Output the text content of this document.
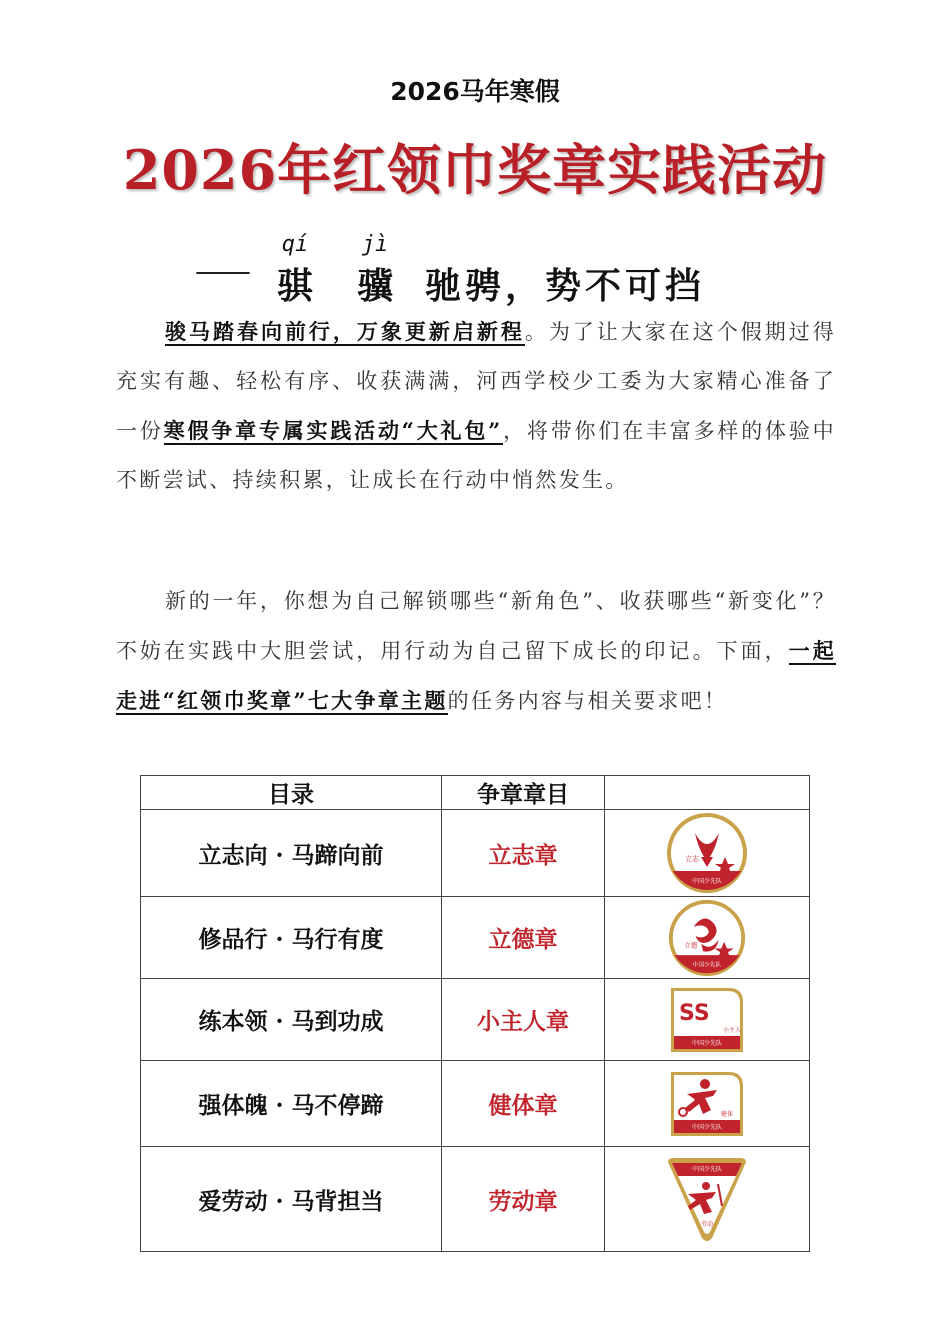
2026马年寒假
2026年红领巾奖章实践活动
——
qí
骐
jì
骥 驰骋，势不可挡

骏马踏春向前行，万象更新启新程。为了让大家在这个假期过得充实有趣、轻松有序、收获满满，河西学校少工委为大家精心准备了一份寒假争章专属实践活动“大礼包”，将带你们在丰富多样的体验中不断尝试、持续积累，让成长在行动中悄然发生。

新的一年，你想为自己解锁哪些“新角色”、收获哪些“新变化”？不妨在实践中大胆尝试，用行动为自己留下成长的印记。下面，一起走进“红领巾奖章”七大争章主题的任务内容与相关要求吧！

目录	争章章目	
立志向 · 马蹄向前	立志章	立志
中国少先队

修品行 · 马行有度	立德章	立德
中国少先队

练本领 · 马到功成	小主人章	SS
小主人
中国少先队

强体魄 · 马不停蹄	健体章	健体
中国少先队

爱劳动 · 马背担当	劳动章	中国少先队
劳动
